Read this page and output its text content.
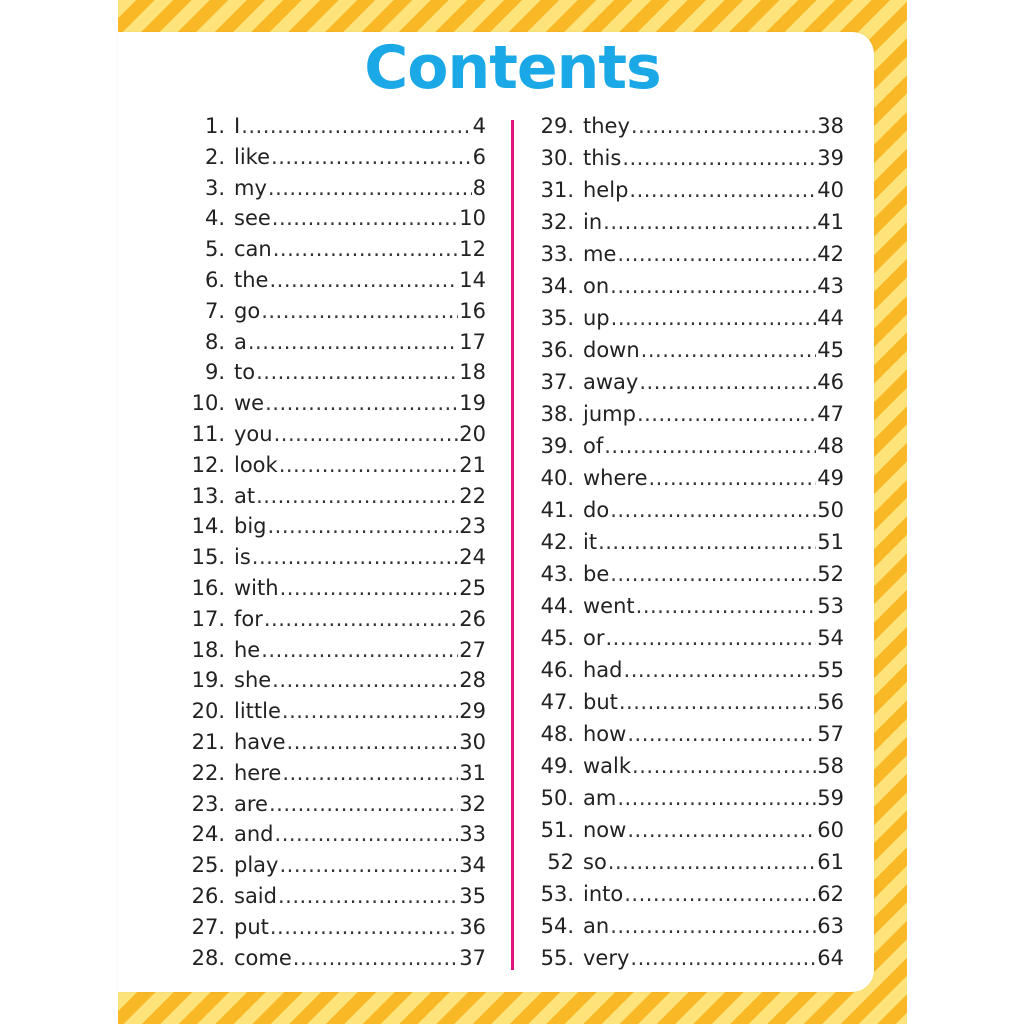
Contents
1. I .....	4
2. like .....	6
3. my .....	8
4. see .....	10
5. can .....	12
6. the .....	14
7. go .....	16
8. a .....	17
9. to .....	18
10. we .....	19
11. you .....	20
12. look .....	21
13. at .....	22
14. big .....	23
15. is .....	24
16. with .....	25
17. for .....	26
18. he .....	27
19. she .....	28
20. little .....	29
21. have .....	30
22. here .....	31
23. are .....	32
24. and .....	33
25. play .....	34
26. said .....	35
27. put .....	36
28. come .....	37
29. they .....	38
30. this .....	39
31. help .....	40
32. in .....	41
33. me .....	42
34. on .....	43
35. up .....	44
36. down .....	45
37. away .....	46
38. jump .....	47
39. of .....	48
40. where .....	49
41. do .....	50
42. it .....	51
43. be .....	52
44. went .....	53
45. or .....	54
46. had .....	55
47. but .....	56
48. how .....	57
49. walk .....	58
50. am .....	59
51. now .....	60
52 so .....	61
53. into .....	62
54. an .....	63
55. very .....	64
